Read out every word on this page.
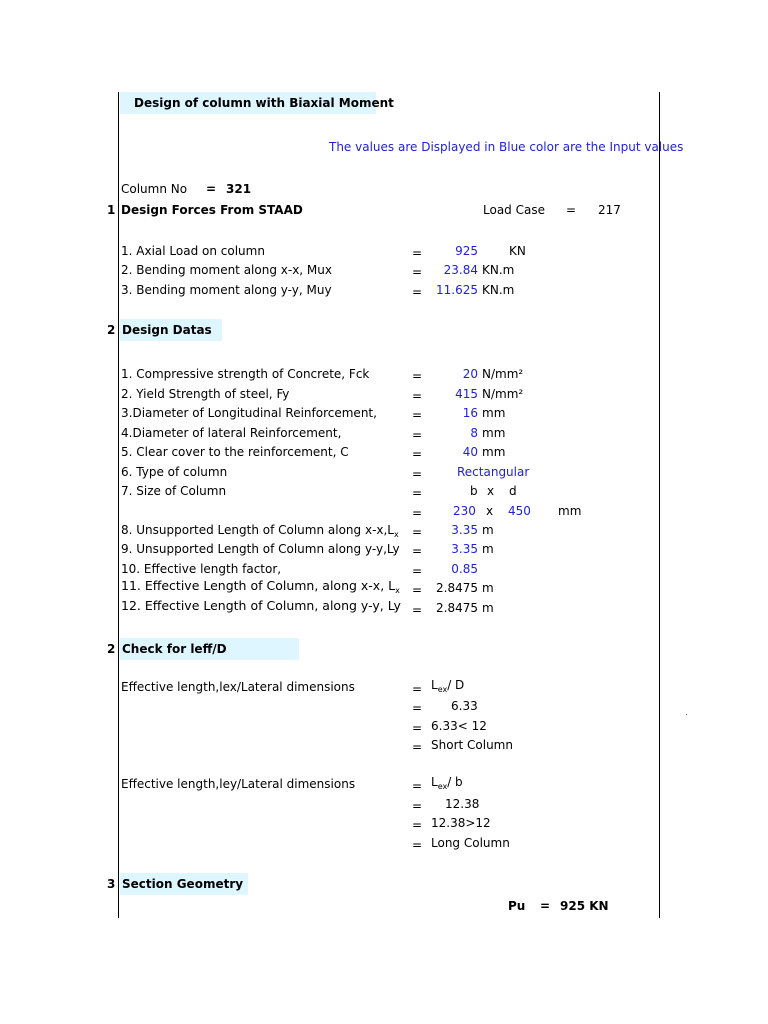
Design of column with Biaxial Moment
The values are Displayed in Blue color are the Input values
Column No = 321
1 Design Forces From STAAD	Load Case = 217
1. Axial Load on column	=	925	KN
2. Bending moment along x-x, Mux	=	23.84 KN.m
3. Bending moment along y-y, Muy	=	11.625 KN.m
2 Design Datas
1. Compressive strength of Concrete, Fck	=	20 N/mm²
2. Yield Strength of steel, Fy	=	415 N/mm²
3.Diameter of Longitudinal Reinforcement,	=	16 mm
4.Diameter of lateral Reinforcement,	=	8 mm
5. Clear cover to the reinforcement, C	=	40 mm
6. Type of column	=	Rectangular
7. Size of Column	=	b x d
=	230 x 450 mm
8. Unsupported Length of Column along $x-x,L_x$ =	3.35 m
9. Unsupported Length of Column along y-y,Ly =	3.35 m
10. Effective length factor,	=	0.85
11. Effective Length of Column, along x-x, $L_x$ =	2.8475 m
12. Effective Length of Column, along y-y, Ly =	2.8475 m
2 Check for leff/D
Effective length,lex/Lateral dimensions	= $L_{ex}/$ D
= 6.33
= 6.33< 12
= Short Column
Effective length,ley/Lateral dimensions	= $L_{ex}/$ b
= 12.38
= 12.38>12
= Long Column
3 Section Geometry
Pu = 925 KN
